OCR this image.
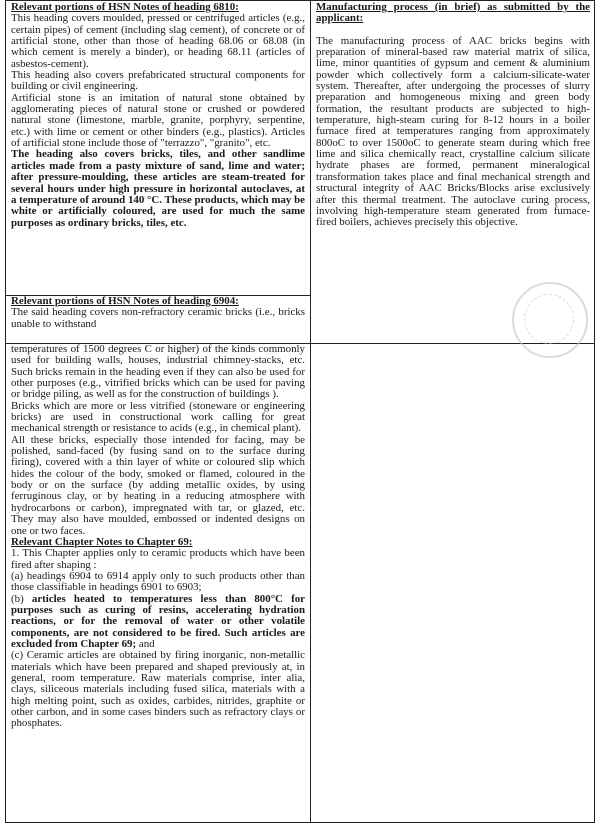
Relevant portions of HSN Notes of heading 6810:

This heading covers moulded, pressed or centrifuged articles (e.g., certain pipes) of cement (including slag cement), of concrete or of artificial stone, other than those of heading 68.06 or 68.08 (in which cement is merely a binder), or heading 68.11 (articles of asbestos-cement).

This heading also covers prefabricated structural components for building or civil engineering.

Artificial stone is an imitation of natural stone obtained by agglomerating pieces of natural stone or crushed or powdered natural stone (limestone, marble, granite, porphyry, serpentine, etc.) with lime or cement or other binders (e.g., plastics). Articles of artificial stone include those of "terrazzo", "granito", etc.

The heading also covers bricks, tiles, and other sandlime articles made from a pasty mixture of sand, lime and water; after pressure-moulding, these articles are steam-treated for several hours under high pressure in horizontal autoclaves, at a temperature of around 140 °C. These products, which may be white or artificially coloured, are used for much the same purposes as ordinary bricks, tiles, etc.

Manufacturing process (in brief) as submitted by the applicant:

The manufacturing process of AAC bricks begins with preparation of mineral-based raw material matrix of silica, lime, minor quantities of gypsum and cement & aluminium powder which collectively form a calcium-silicate-water system. Thereafter, after undergoing the processes of slurry preparation and homogeneous mixing and green body formation, the resultant products are subjected to high-temperature, high-steam curing for 8-12 hours in a boiler furnace fired at temperatures ranging from approximately 800oC to over 1500oC to generate steam during which free lime and silica chemically react, crystalline calcium silicate hydrate phases are formed, permanent mineralogical transformation takes place and final mechanical strength and structural integrity of AAC Bricks/Blocks arise exclusively after this thermal treatment. The autoclave curing process, involving high-temperature steam generated from furnace-fired boilers, achieves precisely this objective.

Relevant portions of HSN Notes of heading 6904:

The said heading covers non-refractory ceramic bricks (i.e., bricks unable to withstand

temperatures of 1500 degrees C or higher) of the kinds commonly used for building walls, houses, industrial chimney-stacks, etc. Such bricks remain in the heading even if they can also be used for other purposes (e.g., vitrified bricks which can be used for paving or bridge piling, as well as for the construction of buildings ).

Bricks which are more or less vitrified (stoneware or engineering bricks) are used in constructional work calling for great mechanical strength or resistance to acids (e.g., in chemical plant).

All these bricks, especially those intended for facing, may be polished, sand-faced (by fusing sand on to the surface during firing), covered with a thin layer of white or coloured slip which hides the colour of the body, smoked or flamed, coloured in the body or on the surface (by adding metallic oxides, by using ferruginous clay, or by heating in a reducing atmosphere with hydrocarbons or carbon), impregnated with tar, or glazed, etc. They may also have moulded, embossed or indented designs on one or two faces.

Relevant Chapter Notes to Chapter 69:

1. This Chapter applies only to ceramic products which have been fired after shaping :

(a) headings 6904 to 6914 apply only to such products other than those classifiable in headings 6901 to 6903;

(b) articles heated to temperatures less than 800°C for purposes such as curing of resins, accelerating hydration reactions, or for the removal of water or other volatile components, are not considered to be fired. Such articles are excluded from Chapter 69; and

(c) Ceramic articles are obtained by firing inorganic, non-metallic materials which have been prepared and shaped previously at, in general, room temperature. Raw materials comprise, inter alia, clays, siliceous materials including fused silica, materials with a high melting point, such as oxides, carbides, nitrides, graphite or other carbon, and in some cases binders such as refractory clays or phosphates.
